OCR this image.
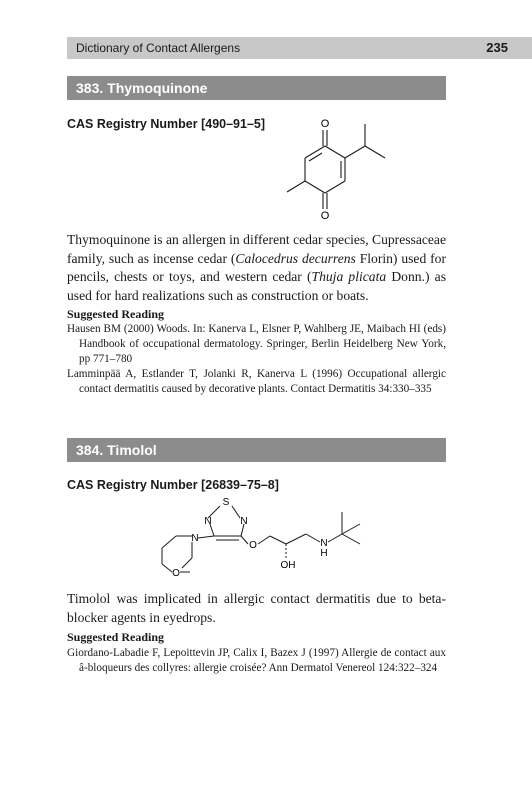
Dictionary of Contact Allergens	235
383. Thymoquinone
CAS Registry Number [490–91–5]	O
O

Thymoquinone is an allergen in different cedar species, Cupressaceae family, such as incense cedar (Calocedrus decurrens Florin) used for pencils, chests or toys, and western cedar (Thuja plicata Donn.) as used for hard realizations such as construction or boats.

Suggested Reading

Hausen BM (2000) Woods. In: Kanerva L, Elsner P, Wahlberg JE, Maibach HI (eds) Handbook of occupational dermatology. Springer, Berlin Heidelberg New York, pp 771–780

Lamminpää A, Estlander T, Jolanki R, Kanerva L (1996) Occupational allergic contact dermatitis caused by decorative plants. Contact Dermatitis 34:330–335

384. Timolol
CAS Registry Number [26839–75–8]
N
S
N	N
O
O	N
H
OH

Timolol was implicated in allergic contact dermatitis due to beta-blocker agents in eyedrops.

Suggested Reading

Giordano-Labadie F, Lepoittevin JP, Calix I, Bazex J (1997) Allergie de contact aux â-bloqueurs des collyres: allergie croisée? Ann Dermatol Venereol 124:322–324
